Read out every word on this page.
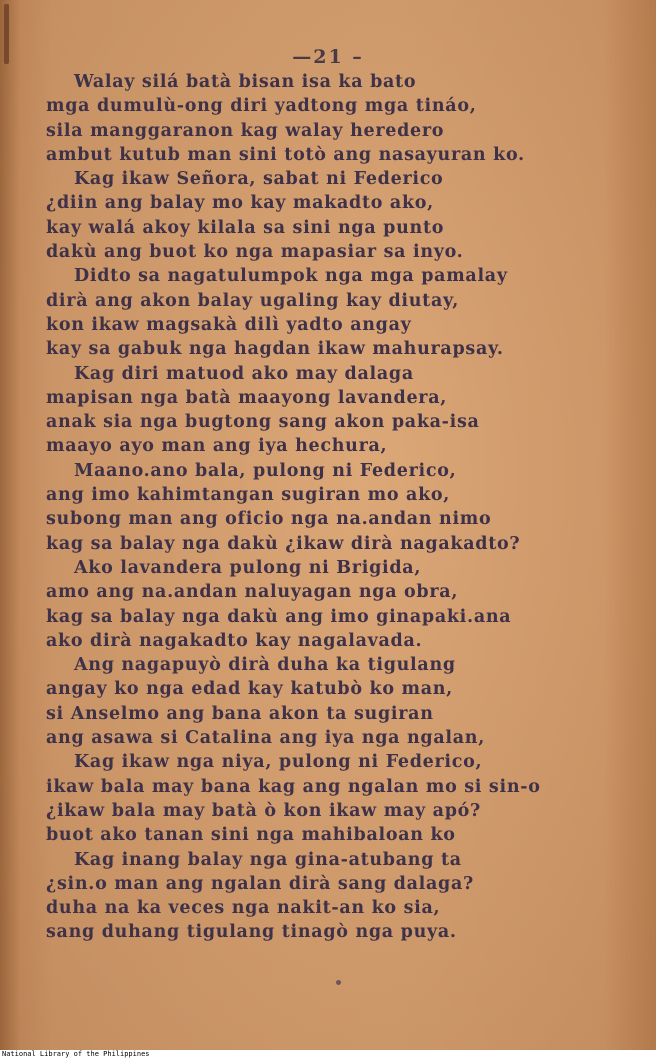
—21 –
Walay silá batà bisan isa ka bato
mga dumulù-ong diri yadtong mga tináo,
sila manggaranon kag walay heredero
ambut kutub man sini totò ang nasayuran ko.
Kag ikaw Señora, sabat ni Federico
¿diin ang balay mo kay makadto ako,
kay walá akoy kilala sa sini nga punto
dakù ang buot ko nga mapasiar sa inyo.
Didto sa nagatulumpok nga mga pamalay
dirà ang akon balay ugaling kay diutay,
kon ikaw magsakà dilì yadto angay
kay sa gabuk nga hagdan ikaw mahurapsay.
Kag diri matuod ako may dalaga
mapisan nga batà maayong lavandera,
anak sia nga bugtong sang akon paka-isa
maayo ayo man ang iya hechura,
Maano.ano bala, pulong ni Federico,
ang imo kahimtangan sugiran mo ako,
subong man ang oficio nga na.andan nimo
kag sa balay nga dakù ¿ikaw dirà nagakadto?
Ako lavandera pulong ni Brigida,
amo ang na.andan naluyagan nga obra,
kag sa balay nga dakù ang imo ginapaki.ana
ako dirà nagakadto kay nagalavada.
Ang nagapuyò dirà duha ka tigulang
angay ko nga edad kay katubò ko man,
si Anselmo ang bana akon ta sugiran
ang asawa si Catalina ang iya nga ngalan,
Kag ikaw nga niya, pulong ni Federico,
ikaw bala may bana kag ang ngalan mo si sin-o
¿ikaw bala may batà ò kon ikaw may apó?
buot ako tanan sini nga mahibaloan ko
Kag inang balay nga gina-atubang ta
¿sin.o man ang ngalan dirà sang dalaga?
duha na ka veces nga nakit-an ko sia,
sang duhang tigulang tinagò nga puya.
National Library of the Philippines
